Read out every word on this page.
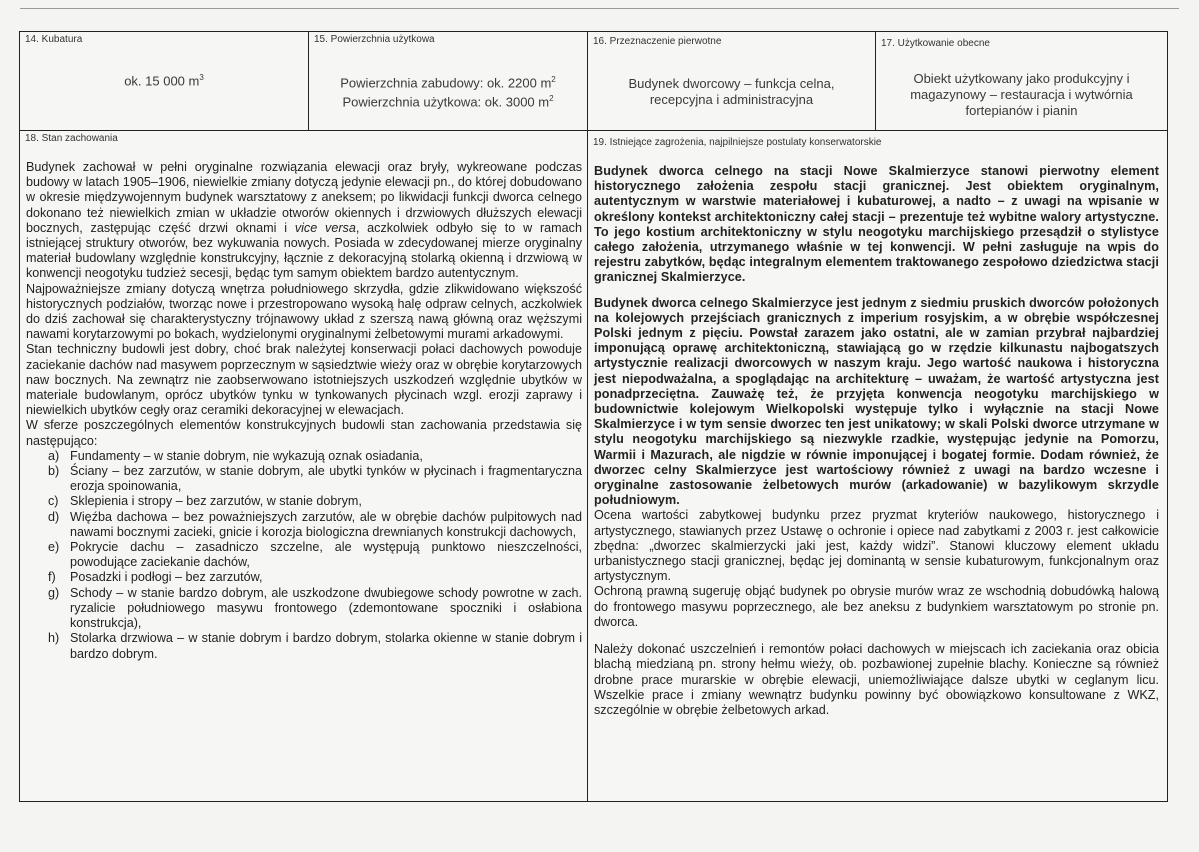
14. Kubatura
ok. 15 000 $m^3$
15. Powierzchnia użytkowa
Powierzchnia zabudowy: ok. 2200 $m^2$
Powierzchnia użytkowa: ok. 3000 $m^2$
16. Przeznaczenie pierwotne
Budynek dworcowy – funkcja celna,
recepcyjna i administracyjna
17. Użytkowanie obecne
Obiekt użytkowany jako produkcyjny i
magazynowy – restauracja i wytwórnia
fortepianów i pianin
18. Stan zachowania

Budynek zachował w pełni oryginalne rozwiązania elewacji oraz bryły, wykreowane podczas budowy w latach 1905–1906, niewielkie zmiany dotyczą jedynie elewacji pn., do której dobudowano w okresie międzywojennym budynek warsztatowy z aneksem; po likwidacji funkcji dworca celnego dokonano też niewielkich zmian w układzie otworów okiennych i drzwiowych dłuższych elewacji bocznych, zastępując część drzwi oknami i vice versa, aczkolwiek odbyło się to w ramach istniejącej struktury otworów, bez wykuwania nowych. Posiada w zdecydowanej mierze oryginalny materiał budowlany względnie konstrukcyjny, łącznie z dekoracyjną stolarką okienną i drzwiową w konwencji neogotyku tudzież secesji, będąc tym samym obiektem bardzo autentycznym.

Najpoważniejsze zmiany dotyczą wnętrza południowego skrzydła, gdzie zlikwidowano większość historycznych podziałów, tworząc nowe i przestropowano wysoką halę odpraw celnych, aczkolwiek do dziś zachował się charakterystyczny trójnawowy układ z szerszą nawą główną oraz węższymi nawami korytarzowymi po bokach, wydzielonymi oryginalnymi żelbetowymi murami arkadowymi.

Stan techniczny budowli jest dobry, choć brak należytej konserwacji połaci dachowych powoduje zaciekanie dachów nad masywem poprzecznym w sąsiedztwie wieży oraz w obrębie korytarzowych naw bocznych. Na zewnątrz nie zaobserwowano istotniejszych uszkodzeń względnie ubytków w materiale budowlanym, oprócz ubytków tynku w tynkowanych płycinach wzgl. erozji zaprawy i niewielkich ubytków cegły oraz ceramiki dekoracyjnej w elewacjach.

W sferze poszczególnych elementów konstrukcyjnych budowli stan zachowania przedstawia się następująco:

a) Fundamenty – w stanie dobrym, nie wykazują oznak osiadania,
b) Ściany – bez zarzutów, w stanie dobrym, ale ubytki tynków w płycinach i fragmentaryczna erozja spoinowania,
c) Sklepienia i stropy – bez zarzutów, w stanie dobrym,
d) Więźba dachowa – bez poważniejszych zarzutów, ale w obrębie dachów pulpitowych nad nawami bocznymi zacieki, gnicie i korozja biologiczna drewnianych konstrukcji dachowych,
e) Pokrycie dachu – zasadniczo szczelne, ale występują punktowo nieszczelności, powodujące zaciekanie dachów,
f) Posadzki i podłogi – bez zarzutów,
g) Schody – w stanie bardzo dobrym, ale uszkodzone dwubiegowe schody powrotne w zach. ryzalicie południowego masywu frontowego (zdemontowane spoczniki i osłabiona konstrukcja),
h) Stolarka drzwiowa – w stanie dobrym i bardzo dobrym, stolarka okienne w stanie dobrym i bardzo dobrym.
19. Istniejące zagrożenia, najpilniejsze postulaty konserwatorskie

Budynek dworca celnego na stacji Nowe Skalmierzyce stanowi pierwotny element historycznego założenia zespołu stacji granicznej. Jest obiektem oryginalnym, autentycznym w warstwie materiałowej i kubaturowej, a nadto – z uwagi na wpisanie w określony kontekst architektoniczny całej stacji – prezentuje też wybitne walory artystyczne. To jego kostium architektoniczny w stylu neogotyku marchijskiego przesądził o stylistyce całego założenia, utrzymanego właśnie w tej konwencji. W pełni zasługuje na wpis do rejestru zabytków, będąc integralnym elementem traktowanego zespołowo dziedzictwa stacji granicznej Skalmierzyce.

Budynek dworca celnego Skalmierzyce jest jednym z siedmiu pruskich dworców położonych na kolejowych przejściach granicznych z imperium rosyjskim, a w obrębie współczesnej Polski jednym z pięciu. Powstał zarazem jako ostatni, ale w zamian przybrał najbardziej imponującą oprawę architektoniczną, stawiającą go w rzędzie kilkunastu najbogatszych artystycznie realizacji dworcowych w naszym kraju. Jego wartość naukowa i historyczna jest niepodważalna, a spoglądając na architekturę – uważam, że wartość artystyczna jest ponadprzeciętna. Zauważę też, że przyjęta konwencja neogotyku marchijskiego w budownictwie kolejowym Wielkopolski występuje tylko i wyłącznie na stacji Nowe Skalmierzyce i w tym sensie dworzec ten jest unikatowy; w skali Polski dworce utrzymane w stylu neogotyku marchijskiego są niezwykle rzadkie, występując jedynie na Pomorzu, Warmii i Mazurach, ale nigdzie w równie imponującej i bogatej formie. Dodam również, że dworzec celny Skalmierzyce jest wartościowy również z uwagi na bardzo wczesne i oryginalne zastosowanie żelbetowych murów (arkadowanie) w bazylikowym skrzydle południowym.

Ocena wartości zabytkowej budynku przez pryzmat kryteriów naukowego, historycznego i artystycznego, stawianych przez Ustawę o ochronie i opiece nad zabytkami z 2003 r. jest całkowicie zbędna: „dworzec skalmierzycki jaki jest, każdy widzi”. Stanowi kluczowy element układu urbanistycznego stacji granicznej, będąc jej dominantą w sensie kubaturowym, funkcjonalnym oraz artystycznym.

Ochroną prawną sugeruję objąć budynek po obrysie murów wraz ze wschodnią dobudówką halową do frontowego masywu poprzecznego, ale bez aneksu z budynkiem warsztatowym po stronie pn. dworca.

Należy dokonać uszczelnień i remontów połaci dachowych w miejscach ich zaciekania oraz obicia blachą miedzianą pn. strony hełmu wieży, ob. pozbawionej zupełnie blachy. Konieczne są również drobne prace murarskie w obrębie elewacji, uniemożliwiające dalsze ubytki w ceglanym licu. Wszelkie prace i zmiany wewnątrz budynku powinny być obowiązkowo konsultowane z WKZ, szczególnie w obrębie żelbetowych arkad.
